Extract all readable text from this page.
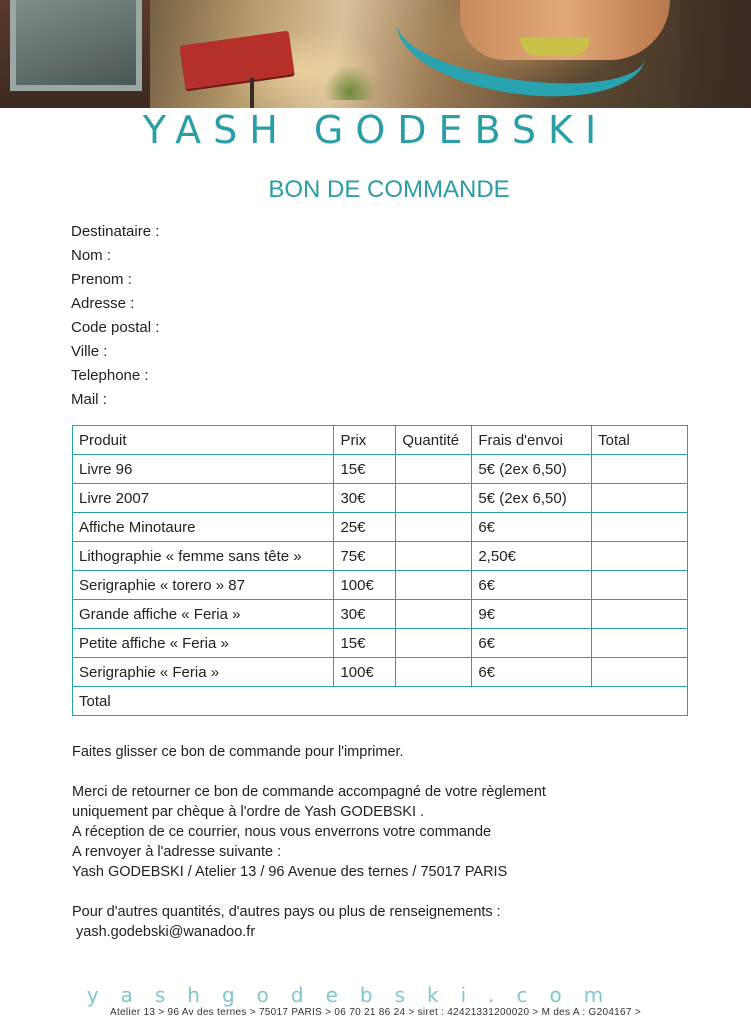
YASH GODEBSKI
BON DE COMMANDE
Destinataire :
Nom :
Prenom :
Adresse :
Code postal :
Ville :
Telephone :
Mail :
Produit	Prix	Quantité	Frais d'envoi	Total
Livre 96	15€		5€ (2ex 6,50)	
Livre 2007	30€		5€ (2ex 6,50)	
Affiche Minotaure	25€		6€	
Lithographie « femme sans tête »	75€		2,50€	
Serigraphie « torero » 87	100€		6€	
Grande affiche « Feria »	30€		9€	
Petite affiche « Feria »	15€		6€	
Serigraphie « Feria »	100€		6€	
Total				

Faites glisser ce bon de commande pour l'imprimer.

Merci de retourner ce bon de commande accompagné de votre règlement

uniquement par chèque à l'ordre de Yash GODEBSKI .

A réception de ce courrier, nous vous enverrons votre commande

A renvoyer à l'adresse suivante :

Yash GODEBSKI / Atelier 13 / 96 Avenue des ternes / 75017 PARIS

Pour d'autres quantités, d'autres pays ou plus de renseignements :

yash.godebski@wanadoo.fr

yashgodebski.com
Atelier 13 > 96 Av des ternes > 75017 PARIS > 06 70 21 86 24 > siret : 42421331200020 > M des A : G204167 >
